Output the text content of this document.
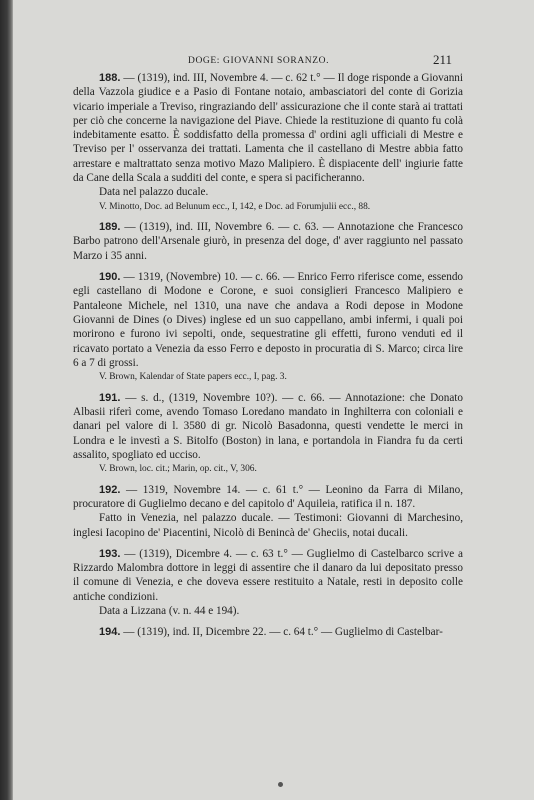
DOGE: GIOVANNI SORANZO.	211

188. — (1319), ind. III, Novembre 4. — c. 62 t.° — Il doge risponde a Giovanni della Vazzola giudice e a Pasio di Fontane notaio, ambasciatori del conte di Gorizia vicario imperiale a Treviso, ringraziando dell' assicurazione che il conte starà ai trattati per ciò che concerne la navigazione del Piave. Chiede la restituzione di quanto fu colà indebitamente esatto. È soddisfatto della promessa d' ordini agli ufficiali di Mestre e Treviso per l' osservanza dei trattati. Lamenta che il castellano di Mestre abbia fatto arrestare e maltrattato senza motivo Mazo Malipiero. È dispiacente dell' ingiurie fatte da Cane della Scala a sudditi del conte, e spera si pacificheranno.

Data nel palazzo ducale.

V. Minotto, Doc. ad Belunum ecc., I, 142, e Doc. ad Forumjulii ecc., 88.

189. — (1319), ind. III, Novembre 6. — c. 63. — Annotazione che Francesco Barbo patrono dell'Arsenale giurò, in presenza del doge, d' aver raggiunto nel passato Marzo i 35 anni.

190. — 1319, (Novembre) 10. — c. 66. — Enrico Ferro riferisce come, essendo egli castellano di Modone e Corone, e suoi consiglieri Francesco Malipiero e Pantaleone Michele, nel 1310, una nave che andava a Rodi depose in Modone Giovanni de Dines (o Dives) inglese ed un suo cappellano, ambi infermi, i quali poi morirono e furono ivi sepolti, onde, sequestratine gli effetti, furono venduti ed il ricavato portato a Venezia da esso Ferro e deposto in procuratia di S. Marco; circa lire 6 a 7 di grossi.

V. Brown, Kalendar of State papers ecc., I, pag. 3.

191. — s. d., (1319, Novembre 10?). — c. 66. — Annotazione: che Donato Albasii riferì come, avendo Tomaso Loredano mandato in Inghilterra con coloniali e danari pel valore di l. 3580 di gr. Nicolò Basadonna, questi vendette le merci in Londra e le investì a S. Bitolfo (Boston) in lana, e portandola in Fiandra fu da certi assalito, spogliato ed ucciso.

V. Brown, loc. cit.; Marin, op. cit., V, 306.

192. — 1319, Novembre 14. — c. 61 t.° — Leonino da Farra di Milano, procuratore di Guglielmo decano e del capitolo d' Aquileia, ratifica il n. 187.

Fatto in Venezia, nel palazzo ducale. — Testimoni: Giovanni di Marchesino, inglesi Iacopino de' Piacentini, Nicolò di Benincà de' Gheciis, notai ducali.

193. — (1319), Dicembre 4. — c. 63 t.° — Guglielmo di Castelbarco scrive a Rizzardo Malombra dottore in leggi di assentire che il danaro da lui depositato presso il comune di Venezia, e che doveva essere restituito a Natale, resti in deposito colle antiche condizioni.

Data a Lizzana (v. n. 44 e 194).

194. — (1319), ind. II, Dicembre 22. — c. 64 t.° — Guglielmo di Castelbar-
